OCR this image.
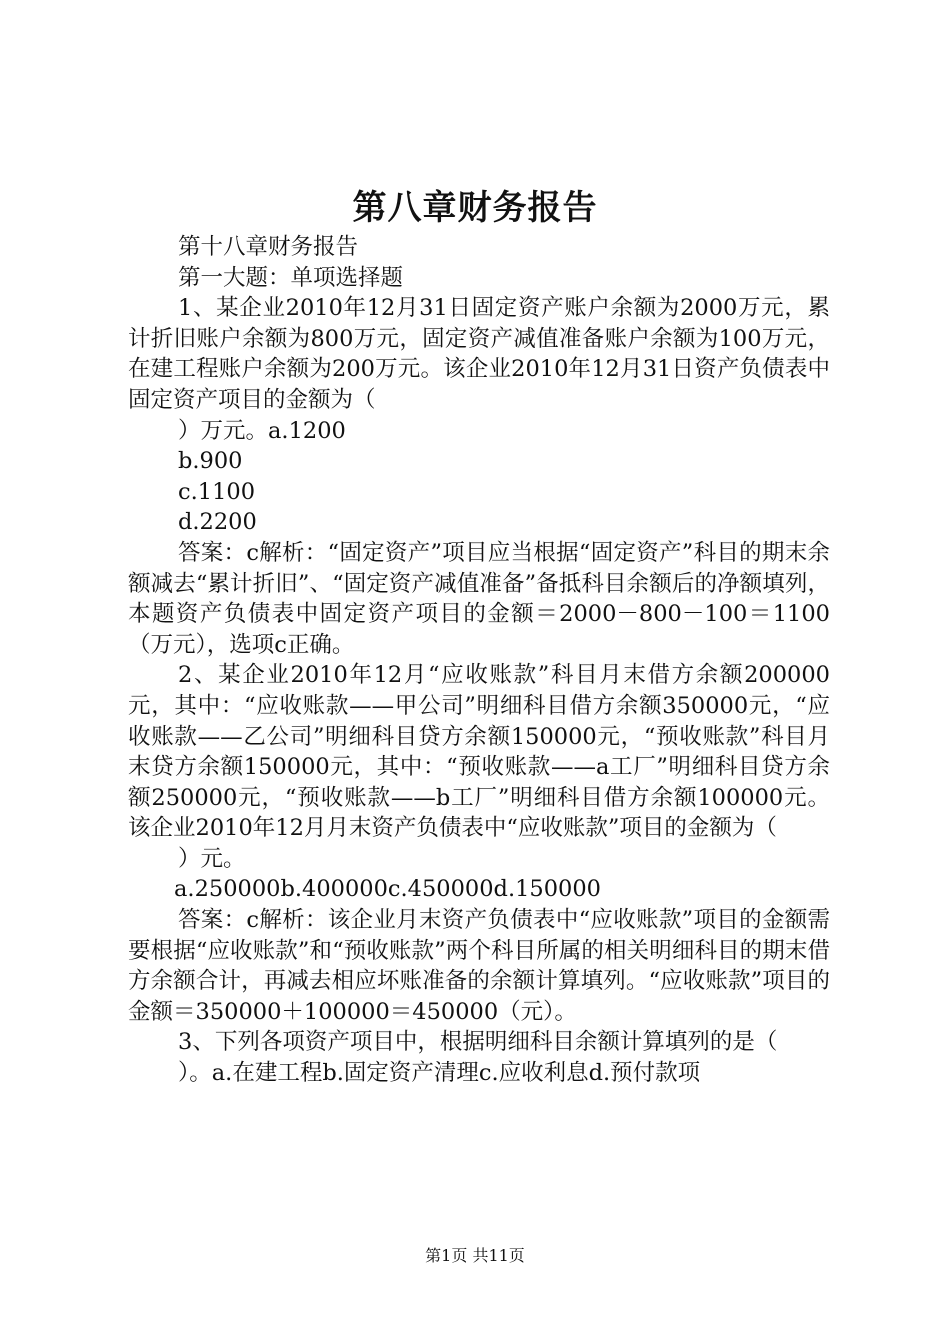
第八章财务报告

第十八章财务报告

第一大题：单项选择题

1、某企业2010年12月31日固定资产账户余额为2000万元，累计折旧账户余额为800万元，固定资产减值准备账户余额为100万元，在建工程账户余额为200万元。该企业2010年12月31日资产负债表中固定资产项目的金额为（

）万元。a.1200

b.900

c.1100

d.2200

答案：c解析：“固定资产”项目应当根据“固定资产”科目的期末余额减去“累计折旧”、“固定资产减值准备”备抵科目余额后的净额填列，本题资产负债表中固定资产项目的金额＝2000－800－100＝1100（万元），选项c正确。

2、某企业2010年12月“应收账款”科目月末借方余额200000元，其中：“应收账款——甲公司”明细科目借方余额350000元，“应收账款——乙公司”明细科目贷方余额150000元，“预收账款”科目月末贷方余额150000元，其中：“预收账款——a工厂”明细科目贷方余额250000元，“预收账款——b工厂”明细科目借方余额100000元。该企业2010年12月月末资产负债表中“应收账款”项目的金额为（

）元。

a.250000b.400000c.450000d.150000

答案：c解析：该企业月末资产负债表中“应收账款”项目的金额需要根据“应收账款”和“预收账款”两个科目所属的相关明细科目的期末借方余额合计，再减去相应坏账准备的余额计算填列。“应收账款”项目的金额＝350000＋100000＝450000（元）。

3、下列各项资产项目中，根据明细科目余额计算填列的是（

）。a.在建工程b.固定资产清理c.应收利息d.预付款项

第1页 共11页
